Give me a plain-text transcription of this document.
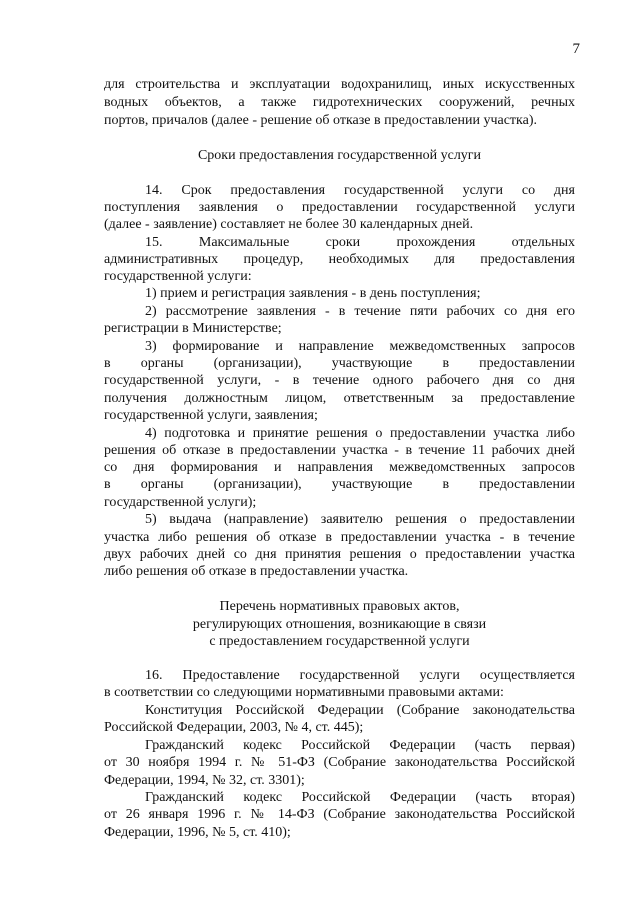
7
для строительства и эксплуатации водохранилищ, иных искусственных
водных объектов, а также гидротехнических сооружений, речных
портов, причалов (далее - решение об отказе в предоставлении участка).
Сроки предоставления государственной услуги
14. Срок предоставления государственной услуги со дня
поступления заявления о предоставлении государственной услуги
(далее - заявление) составляет не более 30 календарных дней.
15. Максимальные сроки прохождения отдельных
административных процедур, необходимых для предоставления
государственной услуги:
1) прием и регистрация заявления - в день поступления;
2) рассмотрение заявления - в течение пяти рабочих со дня его
регистрации в Министерстве;
3) формирование и направление межведомственных запросов
в органы (организации), участвующие в предоставлении
государственной услуги, - в течение одного рабочего дня со дня
получения должностным лицом, ответственным за предоставление
государственной услуги, заявления;
4) подготовка и принятие решения о предоставлении участка либо
решения об отказе в предоставлении участка - в течение 11 рабочих дней
со дня формирования и направления межведомственных запросов
в органы (организации), участвующие в предоставлении
государственной услуги);
5) выдача (направление) заявителю решения о предоставлении
участка либо решения об отказе в предоставлении участка - в течение
двух рабочих дней со дня принятия решения о предоставлении участка
либо решения об отказе в предоставлении участка.
Перечень нормативных правовых актов,
регулирующих отношения, возникающие в связи
с предоставлением государственной услуги
16. Предоставление государственной услуги осуществляется
в соответствии со следующими нормативными правовыми актами:
Конституция Российской Федерации (Собрание законодательства
Российской Федерации, 2003, № 4, ст. 445);
Гражданский кодекс Российской Федерации (часть первая)
от 30 ноября 1994 г. № 51-ФЗ (Собрание законодательства Российской
Федерации, 1994, № 32, ст. 3301);
Гражданский кодекс Российской Федерации (часть вторая)
от 26 января 1996 г. № 14-ФЗ (Собрание законодательства Российской
Федерации, 1996, № 5, ст. 410);
